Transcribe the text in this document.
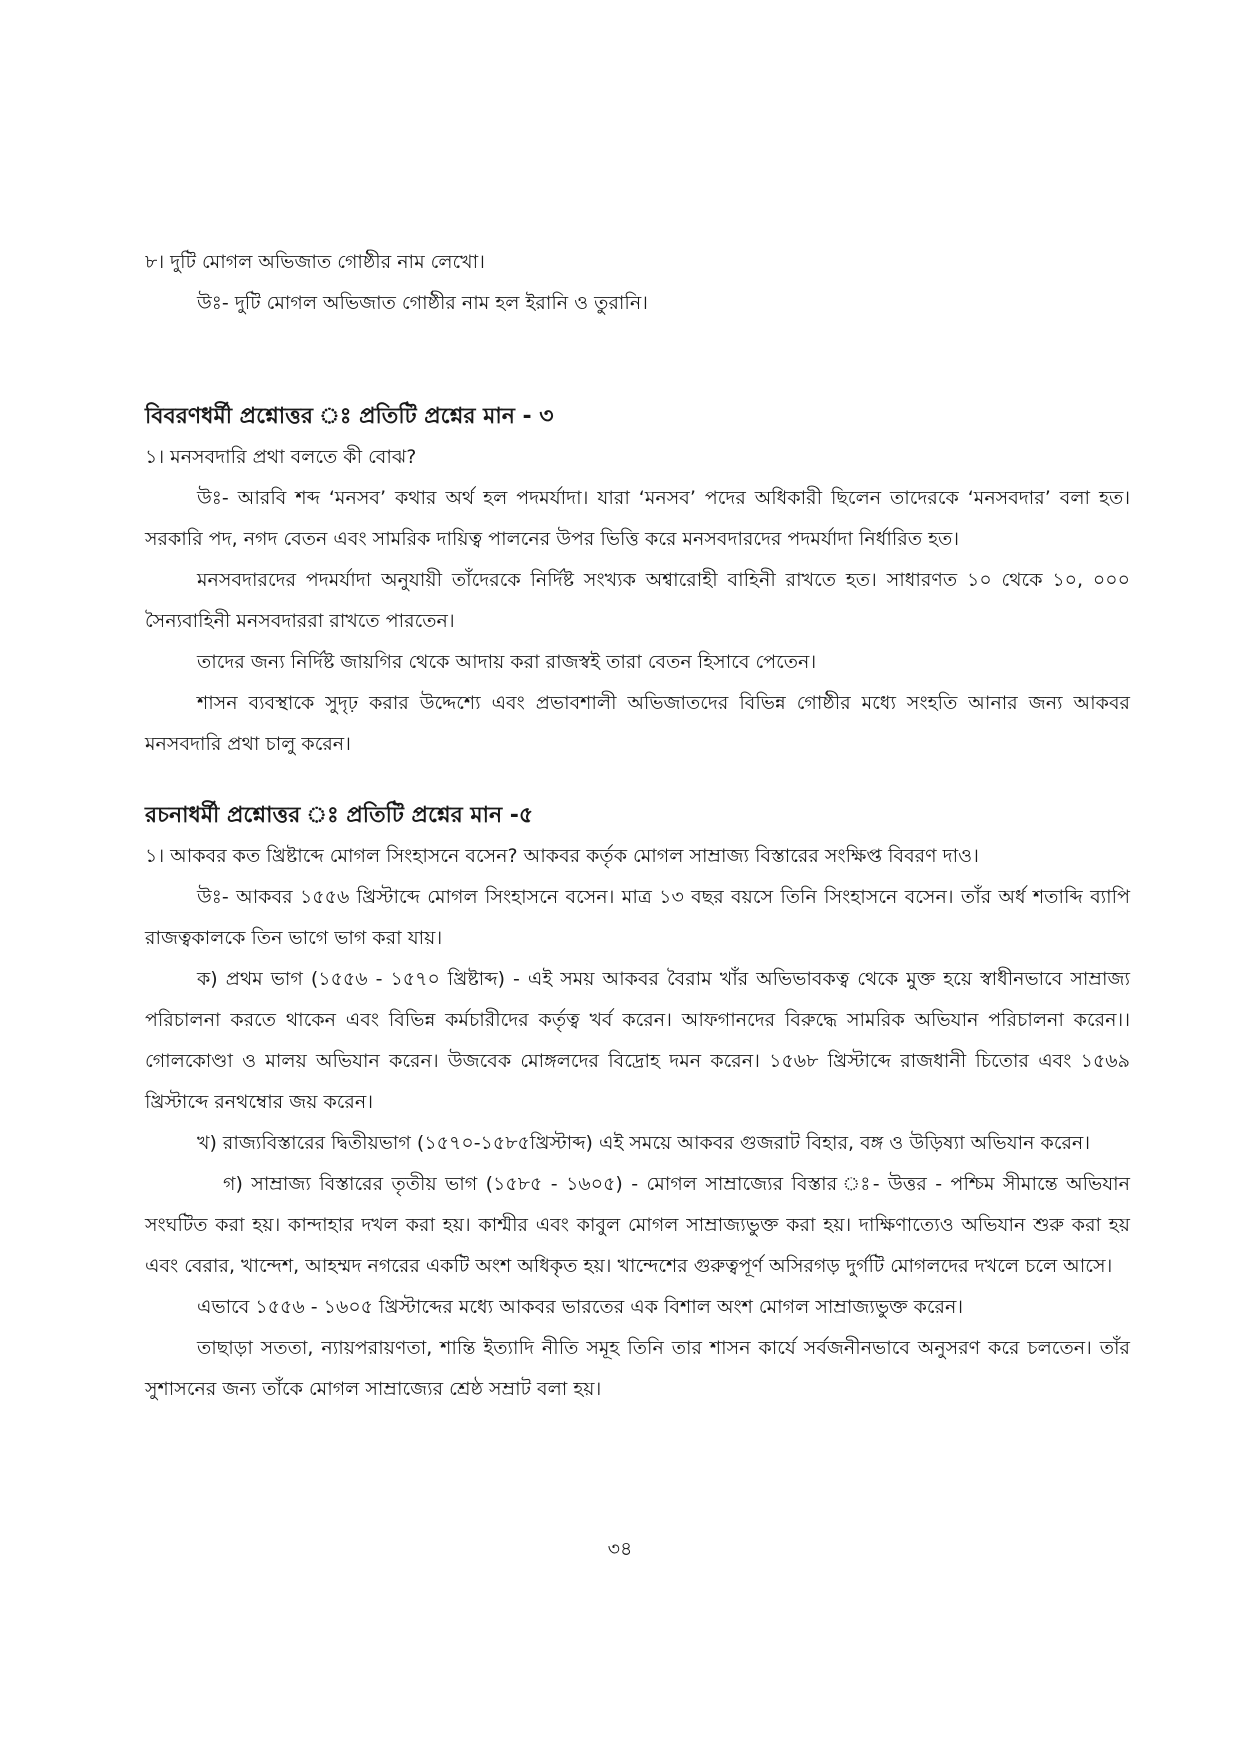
৮। দুটি মোগল অভিজাত গোষ্ঠীর নাম লেখো।

উঃ- দুটি মোগল অভিজাত গোষ্ঠীর নাম হল ইরানি ও তুরানি।

বিবরণধর্মী প্রশ্নোত্তর ঃ প্রতিটি প্রশ্নের মান - ৩

১। মনসবদারি প্রথা বলতে কী বোঝ?

উঃ- আরবি শব্দ ‘মনসব’ কথার অর্থ হল পদমর্যাদা। যারা ‘মনসব’ পদের অধিকারী ছিলেন তাদেরকে ‘মনসবদার’ বলা হত। সরকারি পদ, নগদ বেতন এবং সামরিক দায়িত্ব পালনের উপর ভিত্তি করে মনসবদারদের পদমর্যাদা নির্ধারিত হত।

মনসবদারদের পদমর্যাদা অনুযায়ী তাঁদেরকে নির্দিষ্ট সংখ্যক অশ্বারোহী বাহিনী রাখতে হত। সাধারণত ১০ থেকে ১০, ০০০ সৈন্যবাহিনী মনসবদাররা রাখতে পারতেন।

তাদের জন্য নির্দিষ্ট জায়গির থেকে আদায় করা রাজস্বই তারা বেতন হিসাবে পেতেন।

শাসন ব্যবস্থাকে সুদৃঢ় করার উদ্দেশ্যে এবং প্রভাবশালী অভিজাতদের বিভিন্ন গোষ্ঠীর মধ্যে সংহতি আনার জন্য আকবর মনসবদারি প্রথা চালু করেন।

রচনাধর্মী প্রশ্নোত্তর ঃ প্রতিটি প্রশ্নের মান -৫

১। আকবর কত খ্রিষ্টাব্দে মোগল সিংহাসনে বসেন? আকবর কর্তৃক মোগল সাম্রাজ্য বিস্তারের সংক্ষিপ্ত বিবরণ দাও।

উঃ- আকবর ১৫৫৬ খ্রিস্টাব্দে মোগল সিংহাসনে বসেন। মাত্র ১৩ বছর বয়সে তিনি সিংহাসনে বসেন। তাঁর অর্ধ শতাব্দি ব্যাপি রাজত্বকালকে তিন ভাগে ভাগ করা যায়।

ক) প্রথম ভাগ (১৫৫৬ - ১৫৭০ খ্রিষ্টাব্দ) - এই সময় আকবর বৈরাম খাঁর অভিভাবকত্ব থেকে মুক্ত হয়ে স্বাধীনভাবে সাম্রাজ্য পরিচালনা করতে থাকেন এবং বিভিন্ন কর্মচারীদের কর্তৃত্ব খর্ব করেন। আফগানদের বিরুদ্ধে সামরিক অভিযান পরিচালনা করেন।। গোলকোণ্ডা ও মালয় অভিযান করেন। উজবেক মোঙ্গলদের বিদ্রোহ দমন করেন। ১৫৬৮ খ্রিস্টাব্দে রাজধানী চিতোর এবং ১৫৬৯ খ্রিস্টাব্দে রনথম্বোর জয় করেন।

খ) রাজ্যবিস্তারের দ্বিতীয়ভাগ (১৫৭০-১৫৮৫খ্রিস্টাব্দ) এই সময়ে আকবর গুজরাট বিহার, বঙ্গ ও উড়িষ্যা অভিযান করেন।

গ) সাম্রাজ্য বিস্তারের তৃতীয় ভাগ (১৫৮৫ - ১৬০৫) - মোগল সাম্রাজ্যের বিস্তার ঃ- উত্তর - পশ্চিম সীমান্তে অভিযান সংঘটিত করা হয়। কান্দাহার দখল করা হয়। কাশ্মীর এবং কাবুল মোগল সাম্রাজ্যভুক্ত করা হয়। দাক্ষিণাত্যেও অভিযান শুরু করা হয় এবং বেরার, খান্দেশ, আহম্মদ নগরের একটি অংশ অধিকৃত হয়। খান্দেশের গুরুত্বপূর্ণ অসিরগড় দুর্গটি মোগলদের দখলে চলে আসে।

এভাবে ১৫৫৬ - ১৬০৫ খ্রিস্টাব্দের মধ্যে আকবর ভারতের এক বিশাল অংশ মোগল সাম্রাজ্যভুক্ত করেন।

তাছাড়া সততা, ন্যায়পরায়ণতা, শান্তি ইত্যাদি নীতি সমূহ তিনি তার শাসন কার্যে সর্বজনীনভাবে অনুসরণ করে চলতেন। তাঁর সুশাসনের জন্য তাঁকে মোগল সাম্রাজ্যের শ্রেষ্ঠ সম্রাট বলা হয়।

৩৪
